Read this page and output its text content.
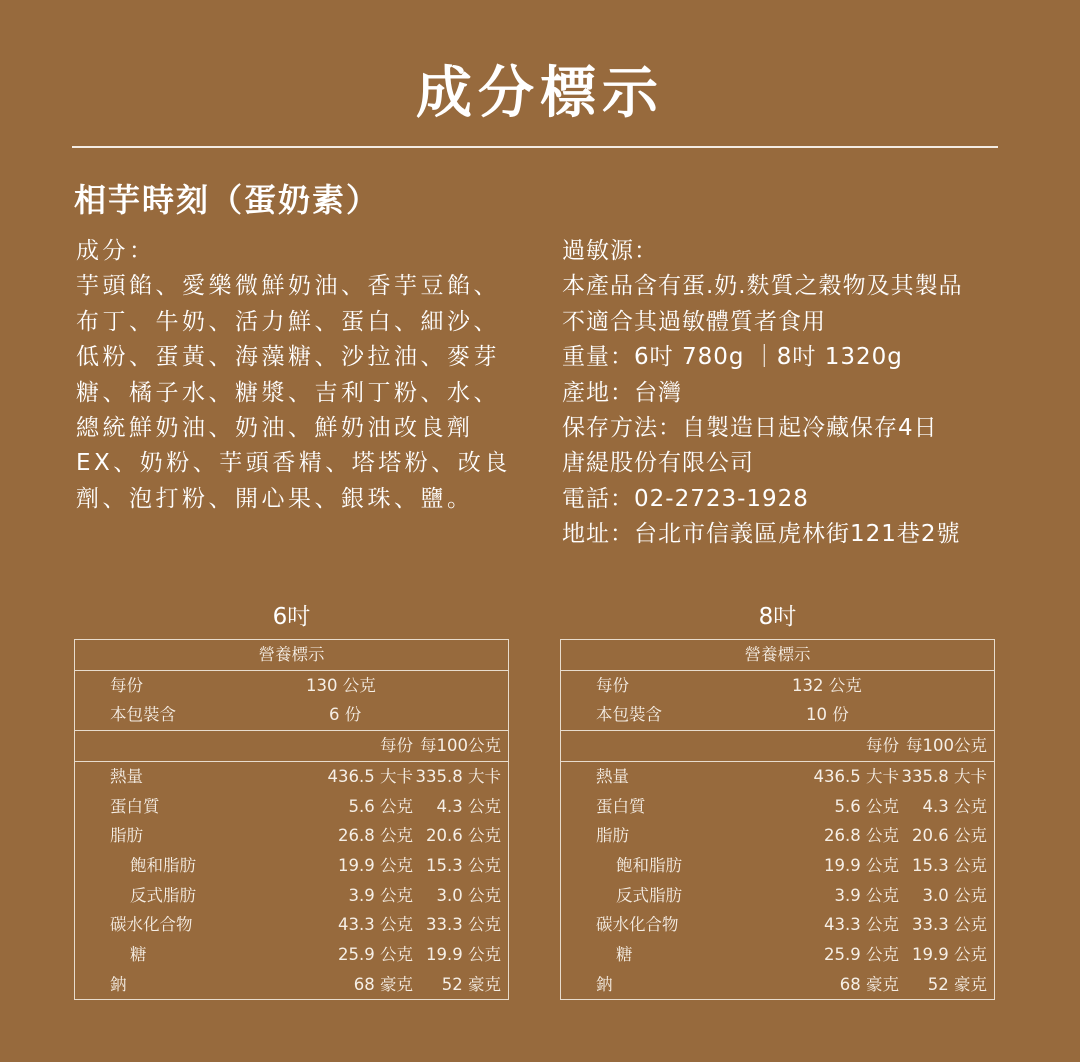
成分標示
相芋時刻（蛋奶素）

成分：

芋頭餡、愛樂微鮮奶油、香芋豆餡、

布丁、牛奶、活力鮮、蛋白、細沙、

低粉、蛋黃、海藻糖、沙拉油、麥芽

糖、橘子水、糖漿、吉利丁粉、水、

總統鮮奶油、奶油、鮮奶油改良劑

EX、奶粉、芋頭香精、塔塔粉、改良

劑、泡打粉、開心果、銀珠、鹽。

過敏源：

本產品含有蛋.奶.麩質之穀物及其製品

不適合其過敏體質者食用

重量：6吋 780g ｜8吋 1320g

產地：台灣

保存方法：自製造日起冷藏保存4日

唐緹股份有限公司

電話：02-2723-1928

地址：台北市信義區虎林街121巷2號

6吋
營養標示		
每份	130 公克	
本包裝含	6 份	
	每份	每100公克
熱量	436.5 大卡	335.8 大卡
蛋白質	5.6 公克	4.3 公克
脂肪	26.8 公克	20.6 公克
飽和脂肪	19.9 公克	15.3 公克
反式脂肪	3.9 公克	3.0 公克
碳水化合物	43.3 公克	33.3 公克
糖	25.9 公克	19.9 公克
鈉	68 豪克	52 豪克
8吋
營養標示		
每份	132 公克	
本包裝含	10 份	
	每份	每100公克
熱量	436.5 大卡	335.8 大卡
蛋白質	5.6 公克	4.3 公克
脂肪	26.8 公克	20.6 公克
飽和脂肪	19.9 公克	15.3 公克
反式脂肪	3.9 公克	3.0 公克
碳水化合物	43.3 公克	33.3 公克
糖	25.9 公克	19.9 公克
鈉	68 豪克	52 豪克
